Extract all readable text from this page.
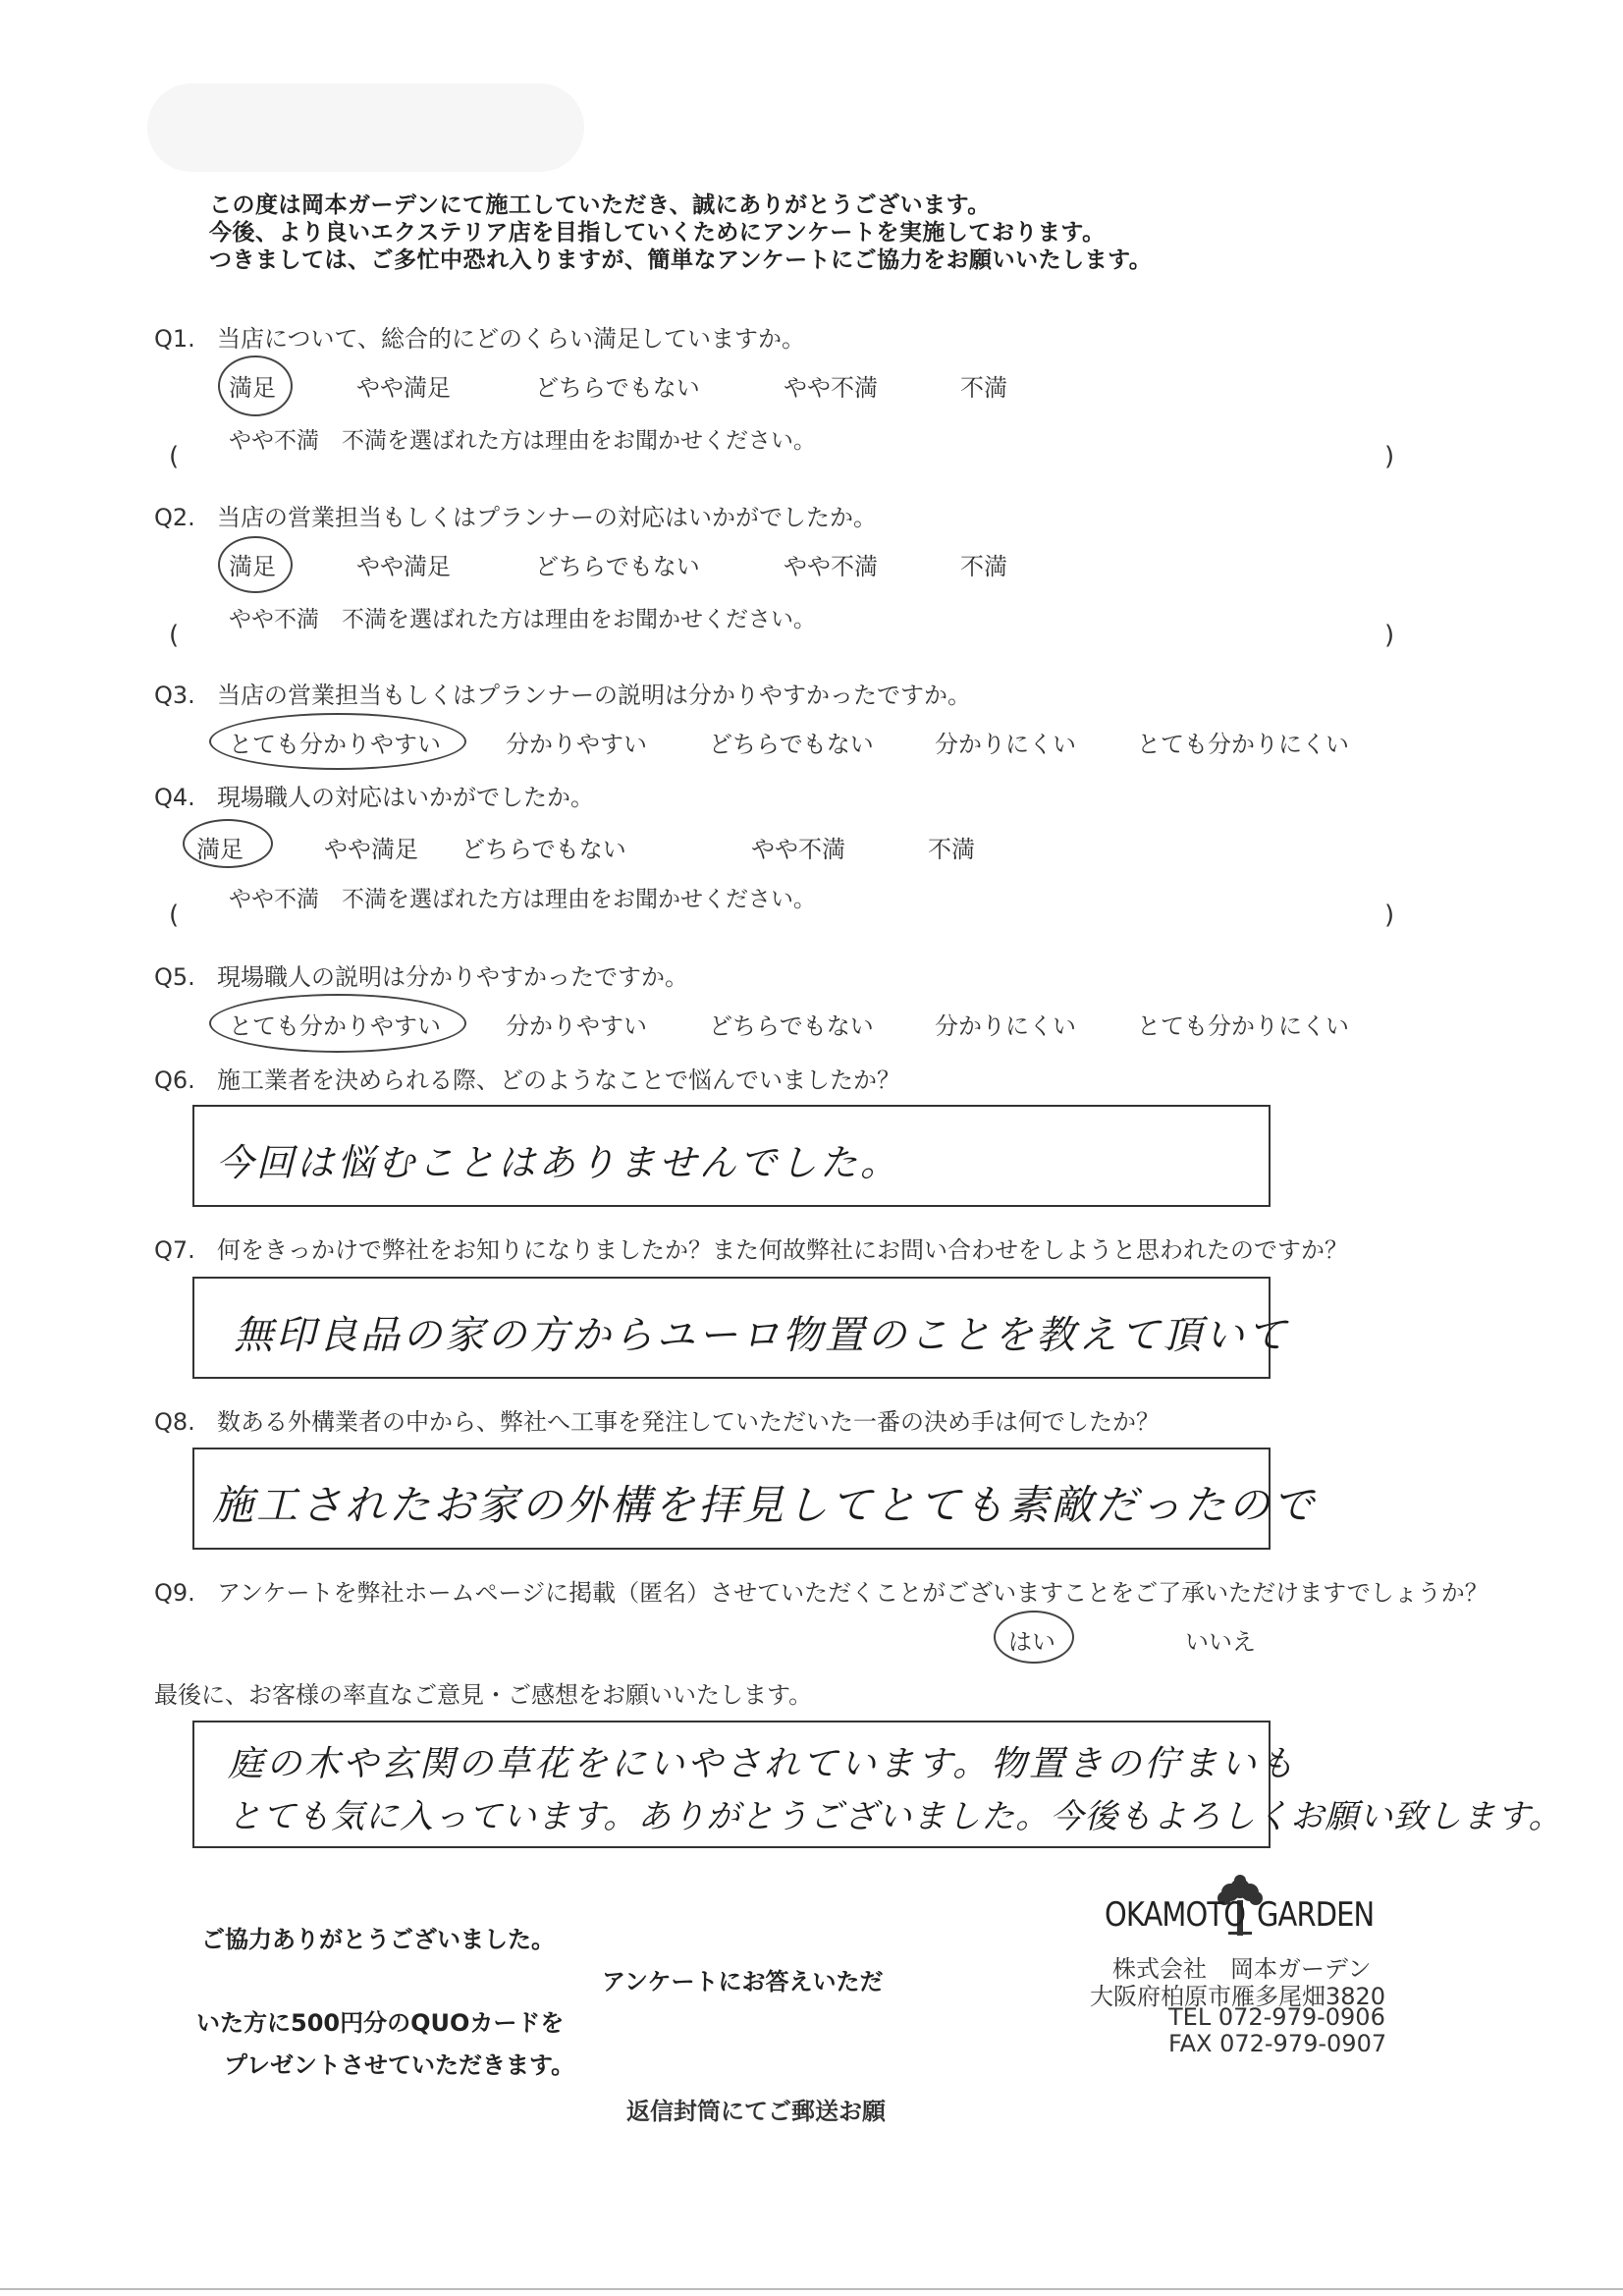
この度は岡本ガーデンにて施工していただき、誠にありがとうございます。
今後、より良いエクステリア店を目指していくためにアンケートを実施しております。
つきましては、ご多忙中恐れ入りますが、簡単なアンケートにご協力をお願いいたします。
Q1. 当店について、総合的にどのくらい満足していますか。
満足	やや満足	どちらでもない	やや不満	不満
やや不満　不満を選ばれた方は理由をお聞かせください。
(	)
Q2. 当店の営業担当もしくはプランナーの対応はいかがでしたか。
満足	やや満足	どちらでもない	やや不満	不満
やや不満　不満を選ばれた方は理由をお聞かせください。
(	)
Q3. 当店の営業担当もしくはプランナーの説明は分かりやすかったですか。
とても分かりやすい	分かりやすい	どちらでもない	分かりにくい	とても分かりにくい
Q4. 現場職人の対応はいかがでしたか。
満足	やや満足 どちらでもない	やや不満	不満
やや不満　不満を選ばれた方は理由をお聞かせください。
(	)
Q5. 現場職人の説明は分かりやすかったですか。
とても分かりやすい	分かりやすい	どちらでもない	分かりにくい	とても分かりにくい
Q6. 施工業者を決められる際、どのようなことで悩んでいましたか？
今回は悩むことはありませんでした。
Q7. 何をきっかけで弊社をお知りになりましたか？また何故弊社にお問い合わせをしようと思われたのですか？
無印良品の家の方からユーロ物置のことを教えて頂いて
Q8. 数ある外構業者の中から、弊社へ工事を発注していただいた一番の決め手は何でしたか？
施工されたお家の外構を拝見してとても素敵だったので
Q9. アンケートを弊社ホームページに掲載（匿名）させていただくことがございますことをご了承いただけますでしょうか？
はい	いいえ
最後に、お客様の率直なご意見・ご感想をお願いいたします。
庭の木や玄関の草花をにいやされています。物置きの佇まいも
とても気に入っています。ありがとうございました。今後もよろしくお願い致します。
ご協力ありがとうございました。
アンケートにお答えいただ
いた方に500円分のQUOカードを
プレゼントさせていただきます。
返信封筒にてご郵送お願
OKAMOTO GARDEN
株式会社　岡本ガーデン
大阪府柏原市雁多尾畑3820
TEL 072-979-0906
FAX 072-979-0907
